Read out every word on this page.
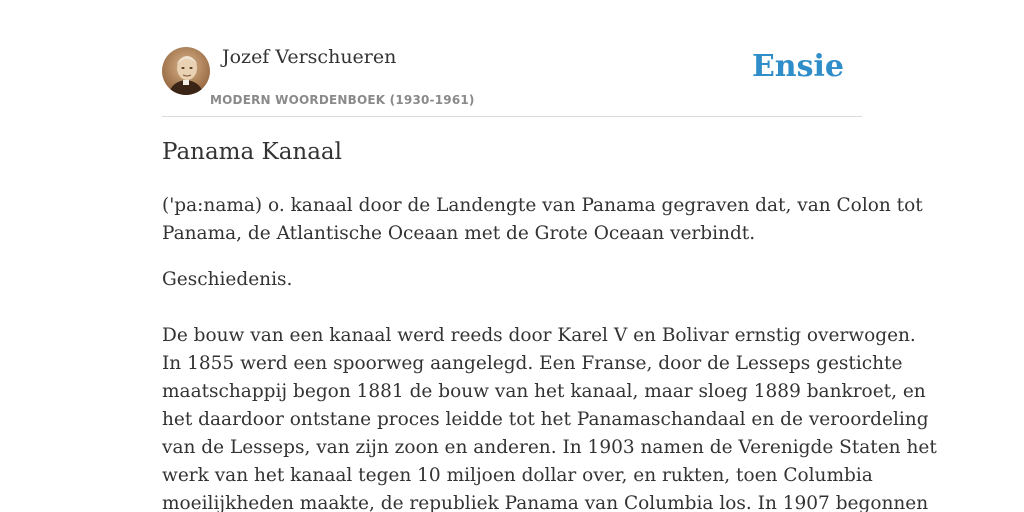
Jozef Verschueren
MODERN WOORDENBOEK (1930-1961)
Ensie
Panama Kanaal

('pa:nama) o. kanaal door de Landengte van Panama gegraven dat, van Colon tot
Panama, de Atlantische Oceaan met de Grote Oceaan verbindt.

Geschiedenis.

De bouw van een kanaal werd reeds door Karel V en Bolivar ernstig overwogen.
In 1855 werd een spoorweg aangelegd. Een Franse, door de Lesseps gestichte
maatschappij begon 1881 de bouw van het kanaal, maar sloeg 1889 bankroet, en
het daardoor ontstane proces leidde tot het Panamaschandaal en de veroordeling
van de Lesseps, van zijn zoon en anderen. In 1903 namen de Verenigde Staten het
werk van het kanaal tegen 10 miljoen dollar over, en rukten, toen Columbia
moeilijkheden maakte, de republiek Panama van Columbia los. In 1907 begonnen
